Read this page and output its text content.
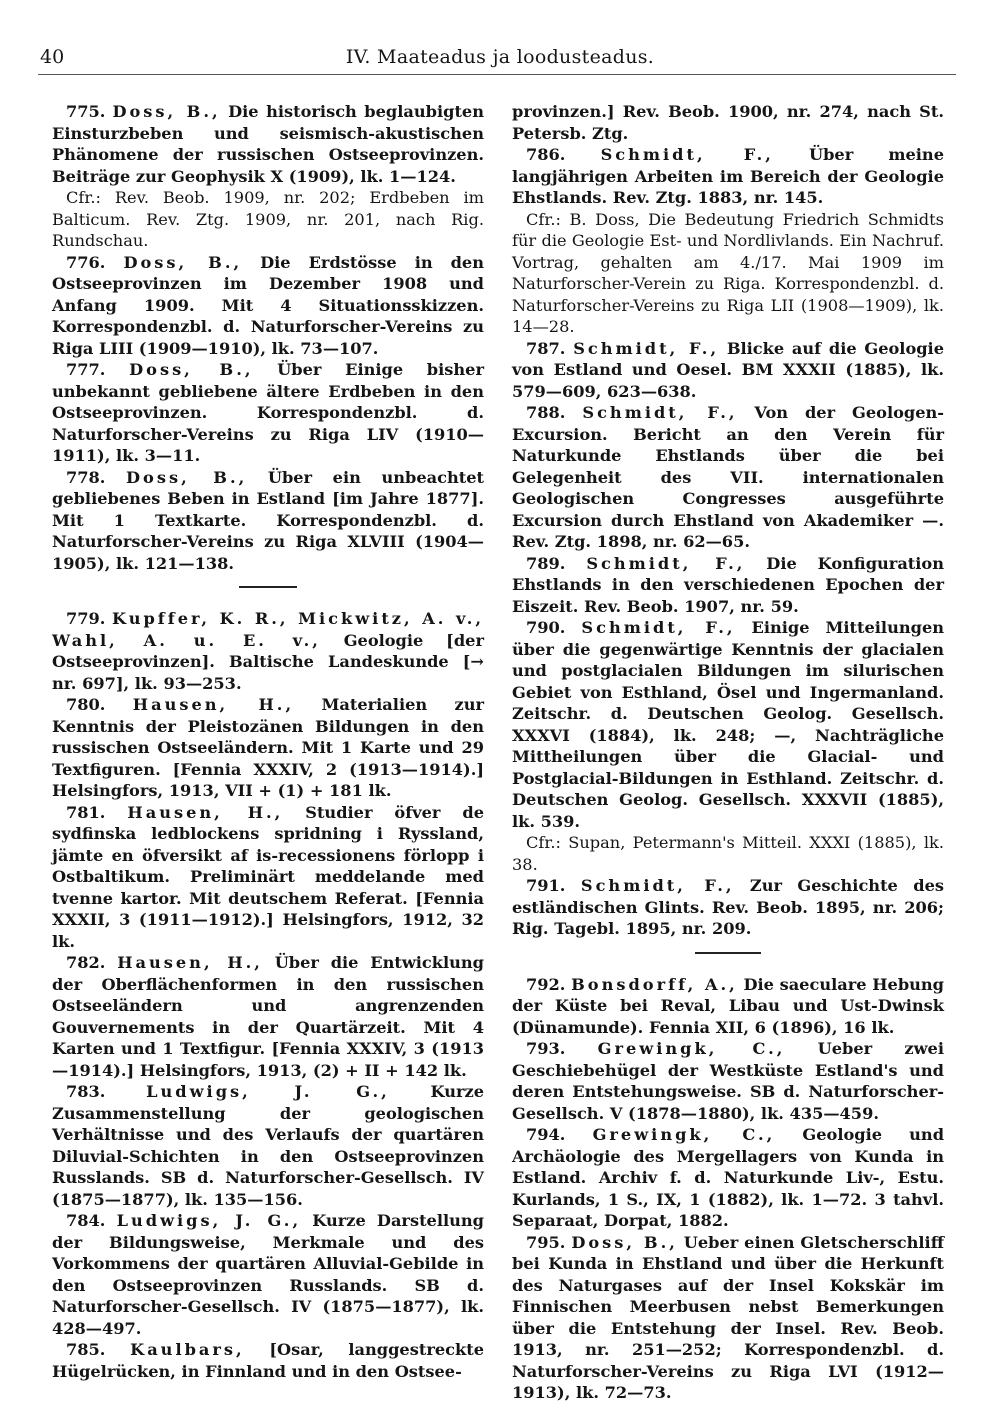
40	IV. Maateadus ja loodusteadus.

775. Doss, B., Die historisch beglaubigten Einsturzbeben und seismisch-akustischen Phänomene der russischen Ostseeprovinzen. Beiträge zur Geophysik X (1909), lk. 1—124.

Cfr.: Rev. Beob. 1909, nr. 202; Erdbeben im Balticum. Rev. Ztg. 1909, nr. 201, nach Rig. Rundschau.

776. Doss, B., Die Erdstösse in den Ostseeprovinzen im Dezember 1908 und Anfang 1909. Mit 4 Situationsskizzen. Korrespondenzbl. d. Naturforscher-Vereins zu Riga LIII (1909—1910), lk. 73—107.

777. Doss, B., Über Einige bisher unbekannt gebliebene ältere Erdbeben in den Ostseeprovinzen. Korrespondenzbl. d. Naturforscher-Vereins zu Riga LIV (1910—1911), lk. 3—11.

778. Doss, B., Über ein unbeachtet gebliebenes Beben in Estland [im Jahre 1877]. Mit 1 Textkarte. Korrespondenzbl. d. Naturforscher-Vereins zu Riga XLVIII (1904—1905), lk. 121—138.

779. Kupffer, K. R., Mickwitz, A. v., Wahl, A. u. E. v., Geologie [der Ostseeprovinzen]. Baltische Landeskunde [→ nr. 697], lk. 93—253.

780. Hausen, H., Materialien zur Kenntnis der Pleistozänen Bildungen in den russischen Ostseeländern. Mit 1 Karte und 29 Textfiguren. [Fennia XXXIV, 2 (1913—1914).] Helsingfors, 1913, VII + (1) + 181 lk.

781. Hausen, H., Studier öfver de sydfinska ledblockens spridning i Ryssland, jämte en öfversikt af is-recessionens förlopp i Ostbaltikum. Preliminärt meddelande med tvenne kartor. Mit deutschem Referat. [Fennia XXXII, 3 (1911—1912).] Helsingfors, 1912, 32 lk.

782. Hausen, H., Über die Entwicklung der Oberflächenformen in den russischen Ostseeländern und angrenzenden Gouvernements in der Quartärzeit. Mit 4 Karten und 1 Textfigur. [Fennia XXXIV, 3 (1913—1914).] Helsingfors, 1913, (2) + II + 142 lk.

783.	Ludwigs, J. G., Kurze Zusammenstellung der geologischen Verhältnisse und des Verlaufs der quartären Diluvial-Schichten in den Ostseeprovinzen Russlands. SB d. Naturforscher-Gesellsch. IV (1875—1877), lk. 135—156.

784. Ludwigs, J. G., Kurze Darstellung der Bildungsweise, Merkmale und des Vorkommens der quartären Alluvial-Gebilde in den Ostseeprovinzen Russlands. SB d. Naturforscher-Gesellsch. IV (1875—1877), lk. 428—497.

785. Kaulbars, [Osar, langgestreckte Hügelrücken, in Finnland und in den Ostsee-

provinzen.] Rev. Beob. 1900, nr. 274, nach St. Petersb. Ztg.

786. Schmidt, F., Über meine langjährigen Arbeiten im Bereich der Geologie Ehstlands. Rev. Ztg. 1883, nr. 145.

Cfr.: B. Doss, Die Bedeutung Friedrich Schmidts für die Geologie Est- und Nordlivlands. Ein Nachruf. Vortrag, gehalten am 4./17. Mai 1909 im Naturforscher-Verein zu Riga. Korrespondenzbl. d. Naturforscher-Vereins zu Riga LII (1908—1909), lk. 14—28.

787. Schmidt, F., Blicke auf die Geologie von Estland und Oesel. BM XXXII (1885), lk. 579—609, 623—638.

788. Schmidt, F., Von der Geologen-Excursion. Bericht an den Verein für Naturkunde Ehstlands über die bei Gelegenheit des VII. internationalen Geologischen Congresses ausgeführte Excursion durch Ehstland von Akademiker —. Rev. Ztg. 1898, nr. 62—65.

789. Schmidt, F., Die Konfiguration Ehstlands in den verschiedenen Epochen der Eiszeit. Rev. Beob. 1907, nr. 59.

790. Schmidt, F., Einige Mitteilungen über die gegenwärtige Kenntnis der glacialen und postglacialen Bildungen im silurischen Gebiet von Esthland, Ösel und Ingermanland. Zeitschr. d. Deutschen Geolog. Gesellsch. XXXVI (1884), lk. 248; —, Nachträgliche Mittheilungen über die Glacial- und Postglacial-Bildungen in Esthland. Zeitschr. d. Deutschen Geolog. Gesellsch. XXXVII (1885), lk. 539.

Cfr.: Supan, Petermann's Mitteil. XXXI (1885), lk. 38.

791. Schmidt, F., Zur Geschichte des estländischen Glints. Rev. Beob. 1895, nr. 206; Rig. Tagebl. 1895, nr. 209.

792. Bonsdorff, A., Die saeculare Hebung der Küste bei Reval, Libau und Ust-Dwinsk (Dünamunde). Fennia XII, 6 (1896), 16 lk.

793. Grewingk, C., Ueber zwei Geschiebehügel der Westküste Estland's und deren Entstehungsweise. SB d. Naturforscher-Gesellsch. V (1878—1880), lk. 435—459.

794. Grewingk, C., Geologie und Archäologie des Mergellagers von Kunda in Estland. Archiv f. d. Naturkunde Liv-, Estu. Kurlands, 1 S., IX, 1 (1882), lk. 1—72. 3 tahvl. Separaat, Dorpat, 1882.

795. Doss, B., Ueber einen Gletscherschliff bei Kunda in Ehstland und über die Herkunft des Naturgases auf der Insel Kokskär im Finnischen Meerbusen nebst Bemerkungen über die Entstehung der Insel. Rev. Beob. 1913, nr. 251—252; Korrespondenzbl. d. Naturforscher-Vereins zu Riga LVI (1912—1913), lk. 72—73.
